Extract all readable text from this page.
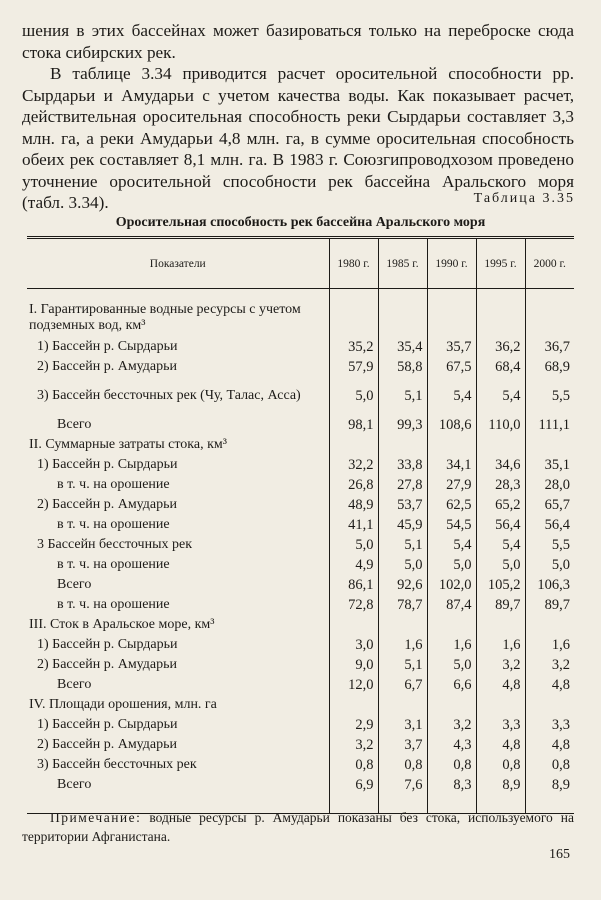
шения в этих бассейнах может базироваться только на переброске сюда стока сибирских рек.

В таблице 3.34 приводится расчет оросительной способности рр. Сырдарьи и Амударьи с учетом качества воды. Как показывает расчет, действительная оросительная способность реки Сырдарьи составляет 3,3 млн. га, а реки Амударьи 4,8 млн. га, в сумме оросительная способность обеих рек составляет 8,1 млн. га. В 1983 г. Союзгипроводхозом проведено уточнение оросительной способности рек бассейна Аральского моря (табл. 3.34).	Таблица 3.35
Оросительная способность рек бассейна Аральского моря
Показатели	1980 г.	1985 г.	1990 г.	1995 г.	2000 г.

I. Гарантированные водные ресурсы с учетом подземных вод, км³					

1) Бассейн р. Сырдарьи	35,2	35,4	35,7	36,2	36,7

2) Бассейн р. Амударьи	57,9	58,8	67,5	68,4	68,9

3) Бассейн бессточных рек (Чу, Талас, Асса)	5,0	5,1	5,4	5,4	5,5

Всего	98,1	99,3	108,6	110,0	111,1

II. Суммарные затраты стока, км³					

1) Бассейн р. Сырдарьи	32,2	33,8	34,1	34,6	35,1

в т. ч. на орошение	26,8	27,8	27,9	28,3	28,0

2) Бассейн р. Амударьи	48,9	53,7	62,5	65,2	65,7

в т. ч. на орошение	41,1	45,9	54,5	56,4	56,4

3 Бассейн бессточных рек	5,0	5,1	5,4	5,4	5,5

в т. ч. на орошение	4,9	5,0	5,0	5,0	5,0

Всего	86,1	92,6	102,0	105,2	106,3

в т. ч. на орошение	72,8	78,7	87,4	89,7	89,7

III. Сток в Аральское море, км³					

1) Бассейн р. Сырдарьи	3,0	1,6	1,6	1,6	1,6

2) Бассейн р. Амударьи	9,0	5,1	5,0	3,2	3,2

Всего	12,0	6,7	6,6	4,8	4,8

IV. Площади орошения, млн. га					

1) Бассейн р. Сырдарьи	2,9	3,1	3,2	3,3	3,3

2) Бассейн р. Амударьи	3,2	3,7	4,3	4,8	4,8

3) Бассейн бессточных рек	0,8	0,8	0,8	0,8	0,8

Всего	6,9	7,6	8,3	8,9	8,9
Примечание: водные ресурсы р. Амударьи показаны без стока, используемого на территории Афганистана.
165
